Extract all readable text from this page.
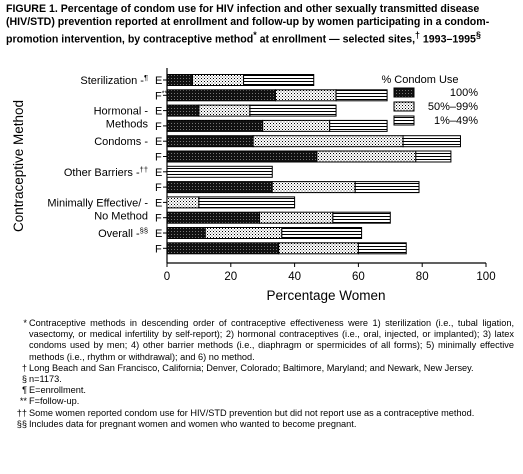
FIGURE 1. Percentage of condom use for HIV infection and other sexually transmitted disease (HIV/STD) prevention reported at enrollment and follow-up by women participating in a condom-promotion intervention, by contraceptive method* at enrollment — selected sites,† 1993–1995§
0	20	40	60	80	100
Sterilization -¶ E
F**
Hormonal -
Methods
E
F
Condoms - E
F
Other Barriers -†† E
F
Minimally Effective/ -
No Method
E
F
Overall -§§ E
F
Contraceptive Method
Percentage Women
% Condom Use
100%
50%–99%
1%–49%
* Contraceptive methods in descending order of contraceptive effectiveness were 1) sterilization (i.e., tubal ligation, vasectomy, or medical infertility by self-report); 2) hormonal contraceptives (i.e., oral, injected, or implanted); 3) latex condoms used by men; 4) other barrier methods (i.e., diaphragm or spermicides of all forms); 5) minimally effective methods (i.e., rhythm or withdrawal); and 6) no method.
† Long Beach and San Francisco, California; Denver, Colorado; Baltimore, Maryland; and Newark, New Jersey.
§ n=1173.
¶ E=enrollment.
** F=follow-up.
†† Some women reported condom use for HIV/STD prevention but did not report use as a contraceptive method.
§§ Includes data for pregnant women and women who wanted to become pregnant.
